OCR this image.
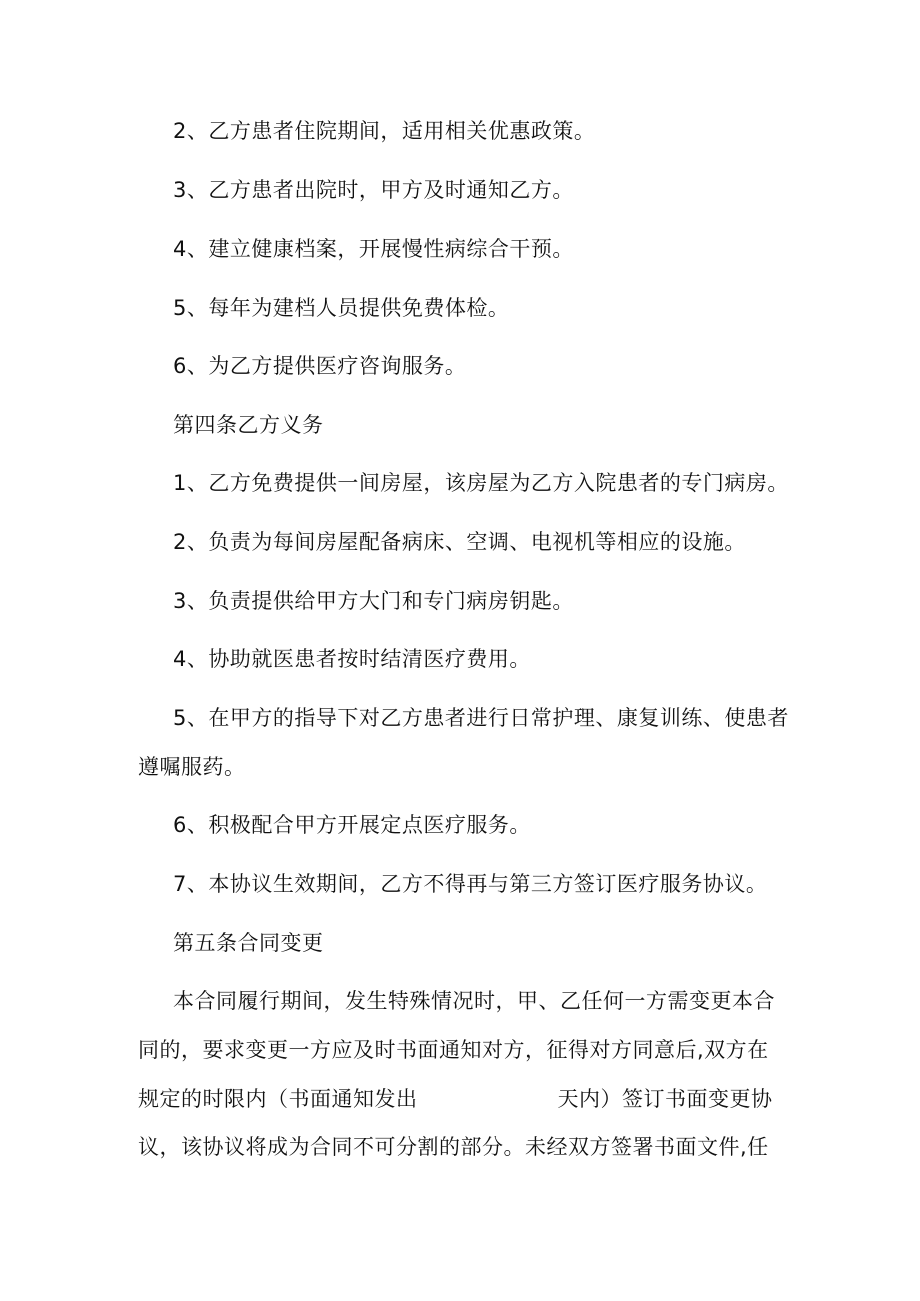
2、乙方患者住院期间，适用相关优惠政策。
3、乙方患者出院时，甲方及时通知乙方。
4、建立健康档案，开展慢性病综合干预。
5、每年为建档人员提供免费体检。
6、为乙方提供医疗咨询服务。
第四条乙方义务
1、乙方免费提供一间房屋，该房屋为乙方入院患者的专门病房。
2、负责为每间房屋配备病床、空调、电视机等相应的设施。
3、负责提供给甲方大门和专门病房钥匙。
4、协助就医患者按时结清医疗费用。
5、在甲方的指导下对乙方患者进行日常护理、康复训练、使患者
遵嘱服药。
6、积极配合甲方开展定点医疗服务。
7、本协议生效期间，乙方不得再与第三方签订医疗服务协议。
第五条合同变更
本合同履行期间，发生特殊情况时，甲、乙任何一方需变更本合
同的，要求变更一方应及时书面通知对方，征得对方同意后,双方在
规定的时限内（书面通知发出	天内）签订书面变更协
议，该协议将成为合同不可分割的部分。未经双方签署书面文件,任
